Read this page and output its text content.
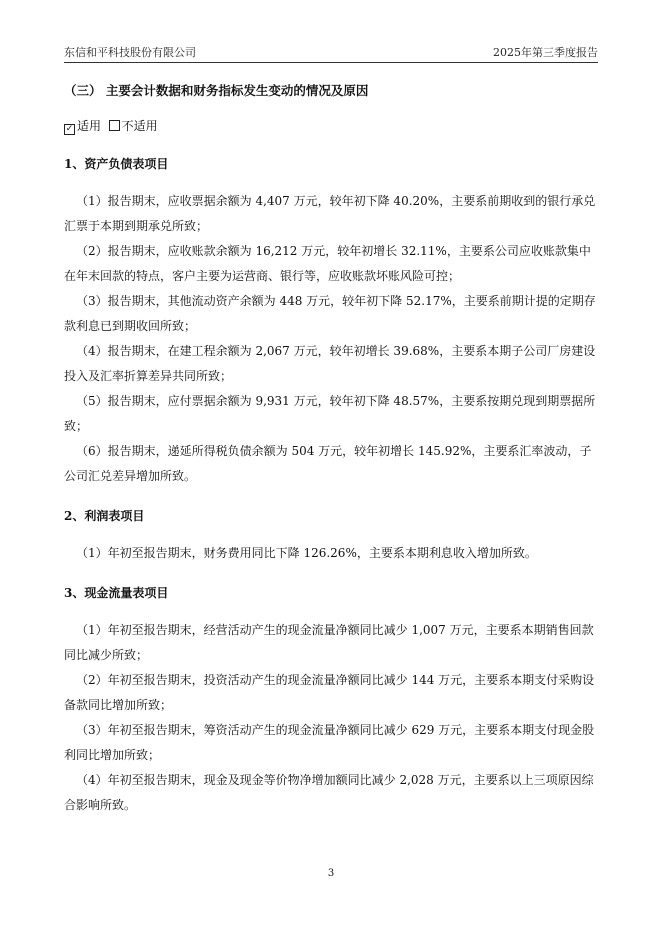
东信和平科技股份有限公司	2025年第三季度报告
（三） 主要会计数据和财务指标发生变动的情况及原因
✓ 适用 不适用
1、资产负债表项目

（1）报告期末，应收票据余额为 4,407 万元，较年初下降 40.20%，主要系前期收到的银行承兑汇票于本期到期承兑所致；

（2）报告期末，应收账款余额为 16,212 万元，较年初增长 32.11%，主要系公司应收账款集中在年末回款的特点，客户主要为运营商、银行等，应收账款坏账风险可控；

（3）报告期末，其他流动资产余额为 448 万元，较年初下降 52.17%，主要系前期计提的定期存款利息已到期收回所致；

（4）报告期末，在建工程余额为 2,067 万元，较年初增长 39.68%，主要系本期子公司厂房建设投入及汇率折算差异共同所致；

（5）报告期末，应付票据余额为 9,931 万元，较年初下降 48.57%，主要系按期兑现到期票据所致；

（6）报告期末，递延所得税负债余额为 504 万元，较年初增长 145.92%，主要系汇率波动，子公司汇兑差异增加所致。

2、利润表项目

（1）年初至报告期末，财务费用同比下降 126.26%，主要系本期利息收入增加所致。

3、现金流量表项目

（1）年初至报告期末，经营活动产生的现金流量净额同比减少 1,007 万元，主要系本期销售回款同比减少所致；

（2）年初至报告期末，投资活动产生的现金流量净额同比减少 144 万元，主要系本期支付采购设备款同比增加所致；

（3）年初至报告期末，筹资活动产生的现金流量净额同比减少 629 万元，主要系本期支付现金股利同比增加所致；

（4）年初至报告期末，现金及现金等价物净增加额同比减少 2,028 万元，主要系以上三项原因综合影响所致。

3
